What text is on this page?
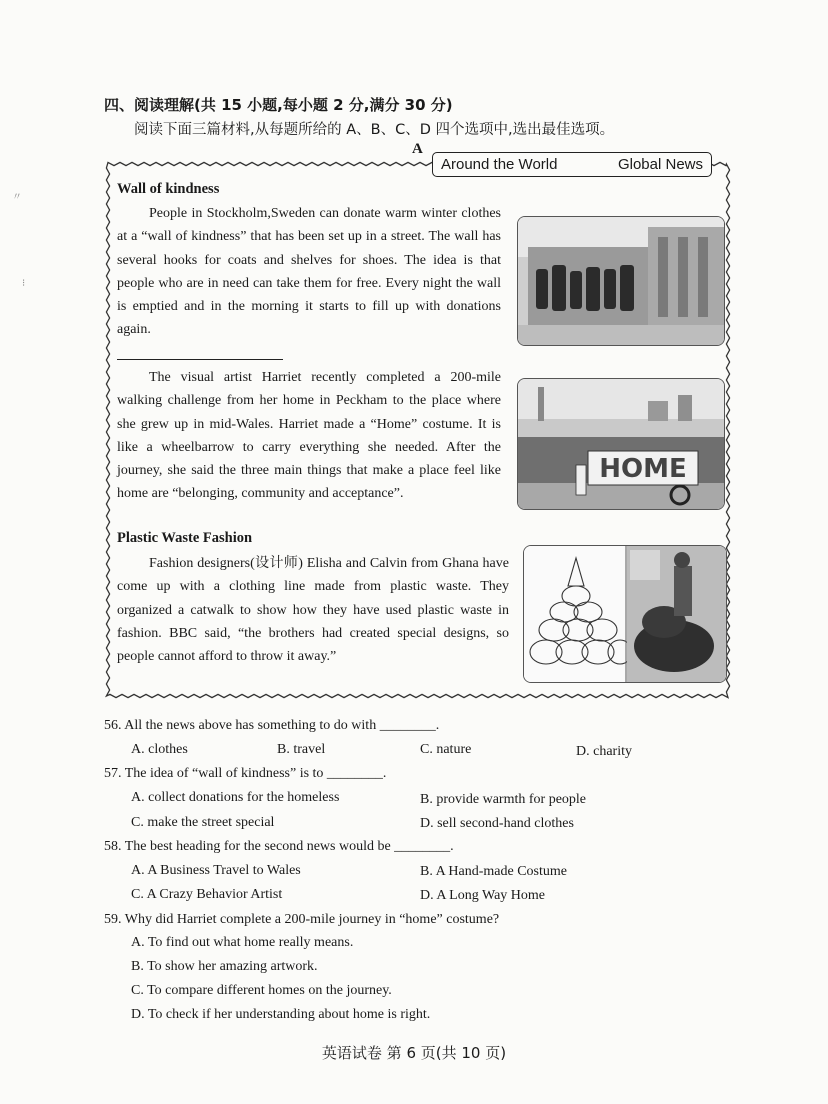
四、阅读理解(共 15 小题,每小题 2 分,满分 30 分)
阅读下面三篇材料,从每题所给的 A、B、C、D 四个选项中,选出最佳选项。
A
Around the World	Global News
Wall of kindness
People in Stockholm,Sweden can donate warm winter clothes at a “wall of kindness” that has been set up in a street. The wall has several hooks for coats and shelves for shoes. The idea is that people who are in need can take them for free. Every night the wall is emptied and in the morning it starts to fill up with donations again.
The visual artist Harriet recently completed a 200-mile walking challenge from her home in Peckham to the place where she grew up in mid-Wales. Harriet made a “Home” costume. It is like a wheelbarrow to carry everything she needed. After the journey, she said the three main things that make a place feel like home are “belonging, community and acceptance”.
HOME
Plastic Waste Fashion
Fashion designers(设计师) Elisha and Calvin from Ghana have come up with a clothing line made from plastic waste. They organized a catwalk to show how they have used plastic waste in fashion. BBC said, “the brothers had created special designs, so people cannot afford to throw it away.”
56. All the news above has something to do with ________.
A. clothes	B. travel	C. nature	D. charity
57. The idea of “wall of kindness” is to ________.
A. collect donations for the homeless	B. provide warmth for people
C. make the street special	D. sell second-hand clothes
58. The best heading for the second news would be ________.
A. A Business Travel to Wales	B. A Hand-made Costume
C. A Crazy Behavior Artist	D. A Long Way Home
59. Why did Harriet complete a 200-mile journey in “home” costume?
A. To find out what home really means.
B. To show her amazing artwork.
C. To compare different homes on the journey.
D. To check if her understanding about home is right.
〃
⁝
英语试卷 第 6 页(共 10 页)
